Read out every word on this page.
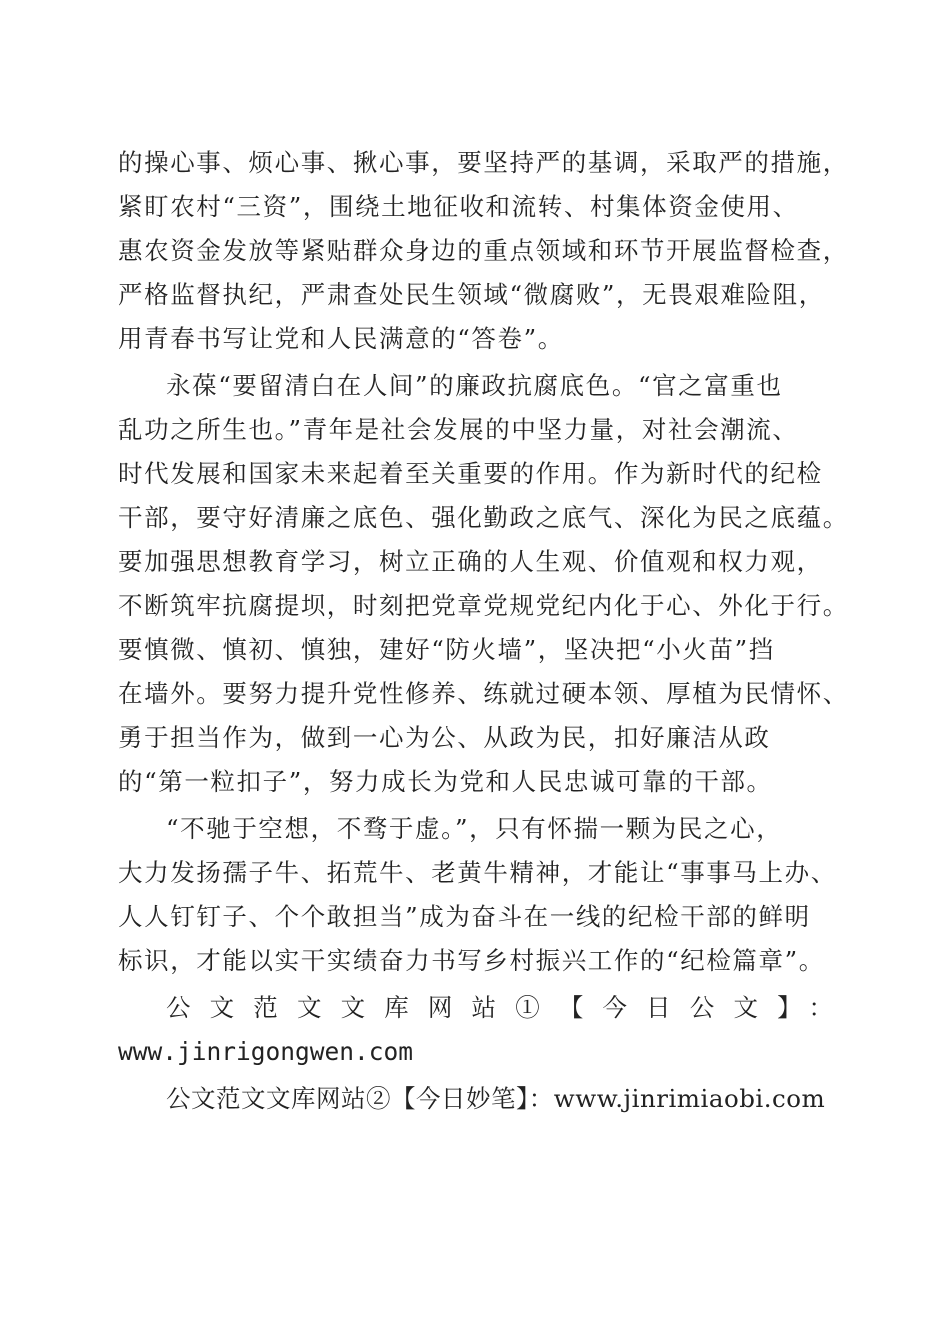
的操心事、烦心事、揪心事，要坚持严的基调，采取严的措施，
紧盯农村“三资”，围绕土地征收和流转、村集体资金使用、
惠农资金发放等紧贴群众身边的重点领域和环节开展监督检查，
严格监督执纪，严肃查处民生领域“微腐败”，无畏艰难险阻，
用青春书写让党和人民满意的“答卷”。
永葆“要留清白在人间”的廉政抗腐底色。“官之富重也
乱功之所生也。”青年是社会发展的中坚力量，对社会潮流、
时代发展和国家未来起着至关重要的作用。作为新时代的纪检
干部，要守好清廉之底色、强化勤政之底气、深化为民之底蕴。
要加强思想教育学习，树立正确的人生观、价值观和权力观，
不断筑牢抗腐提坝，时刻把党章党规党纪内化于心、外化于行。
要慎微、慎初、慎独，建好“防火墙”，坚决把“小火苗”挡
在墙外。要努力提升党性修养、练就过硬本领、厚植为民情怀、
勇于担当作为，做到一心为公、从政为民，扣好廉洁从政
的“第一粒扣子”，努力成长为党和人民忠诚可靠的干部。
“不驰于空想，不骛于虚。”，只有怀揣一颗为民之心，
大力发扬孺子牛、拓荒牛、老黄牛精神，才能让“事事马上办、
人人钉钉子、个个敢担当”成为奋斗在一线的纪检干部的鲜明
标识，才能以实干实绩奋力书写乡村振兴工作的“纪检篇章”。
公文范文文库网站①【今日公文】：
www.jinrigongwen.com
公文范文文库网站②【今日妙笔】：www.jinrimiaobi.com
